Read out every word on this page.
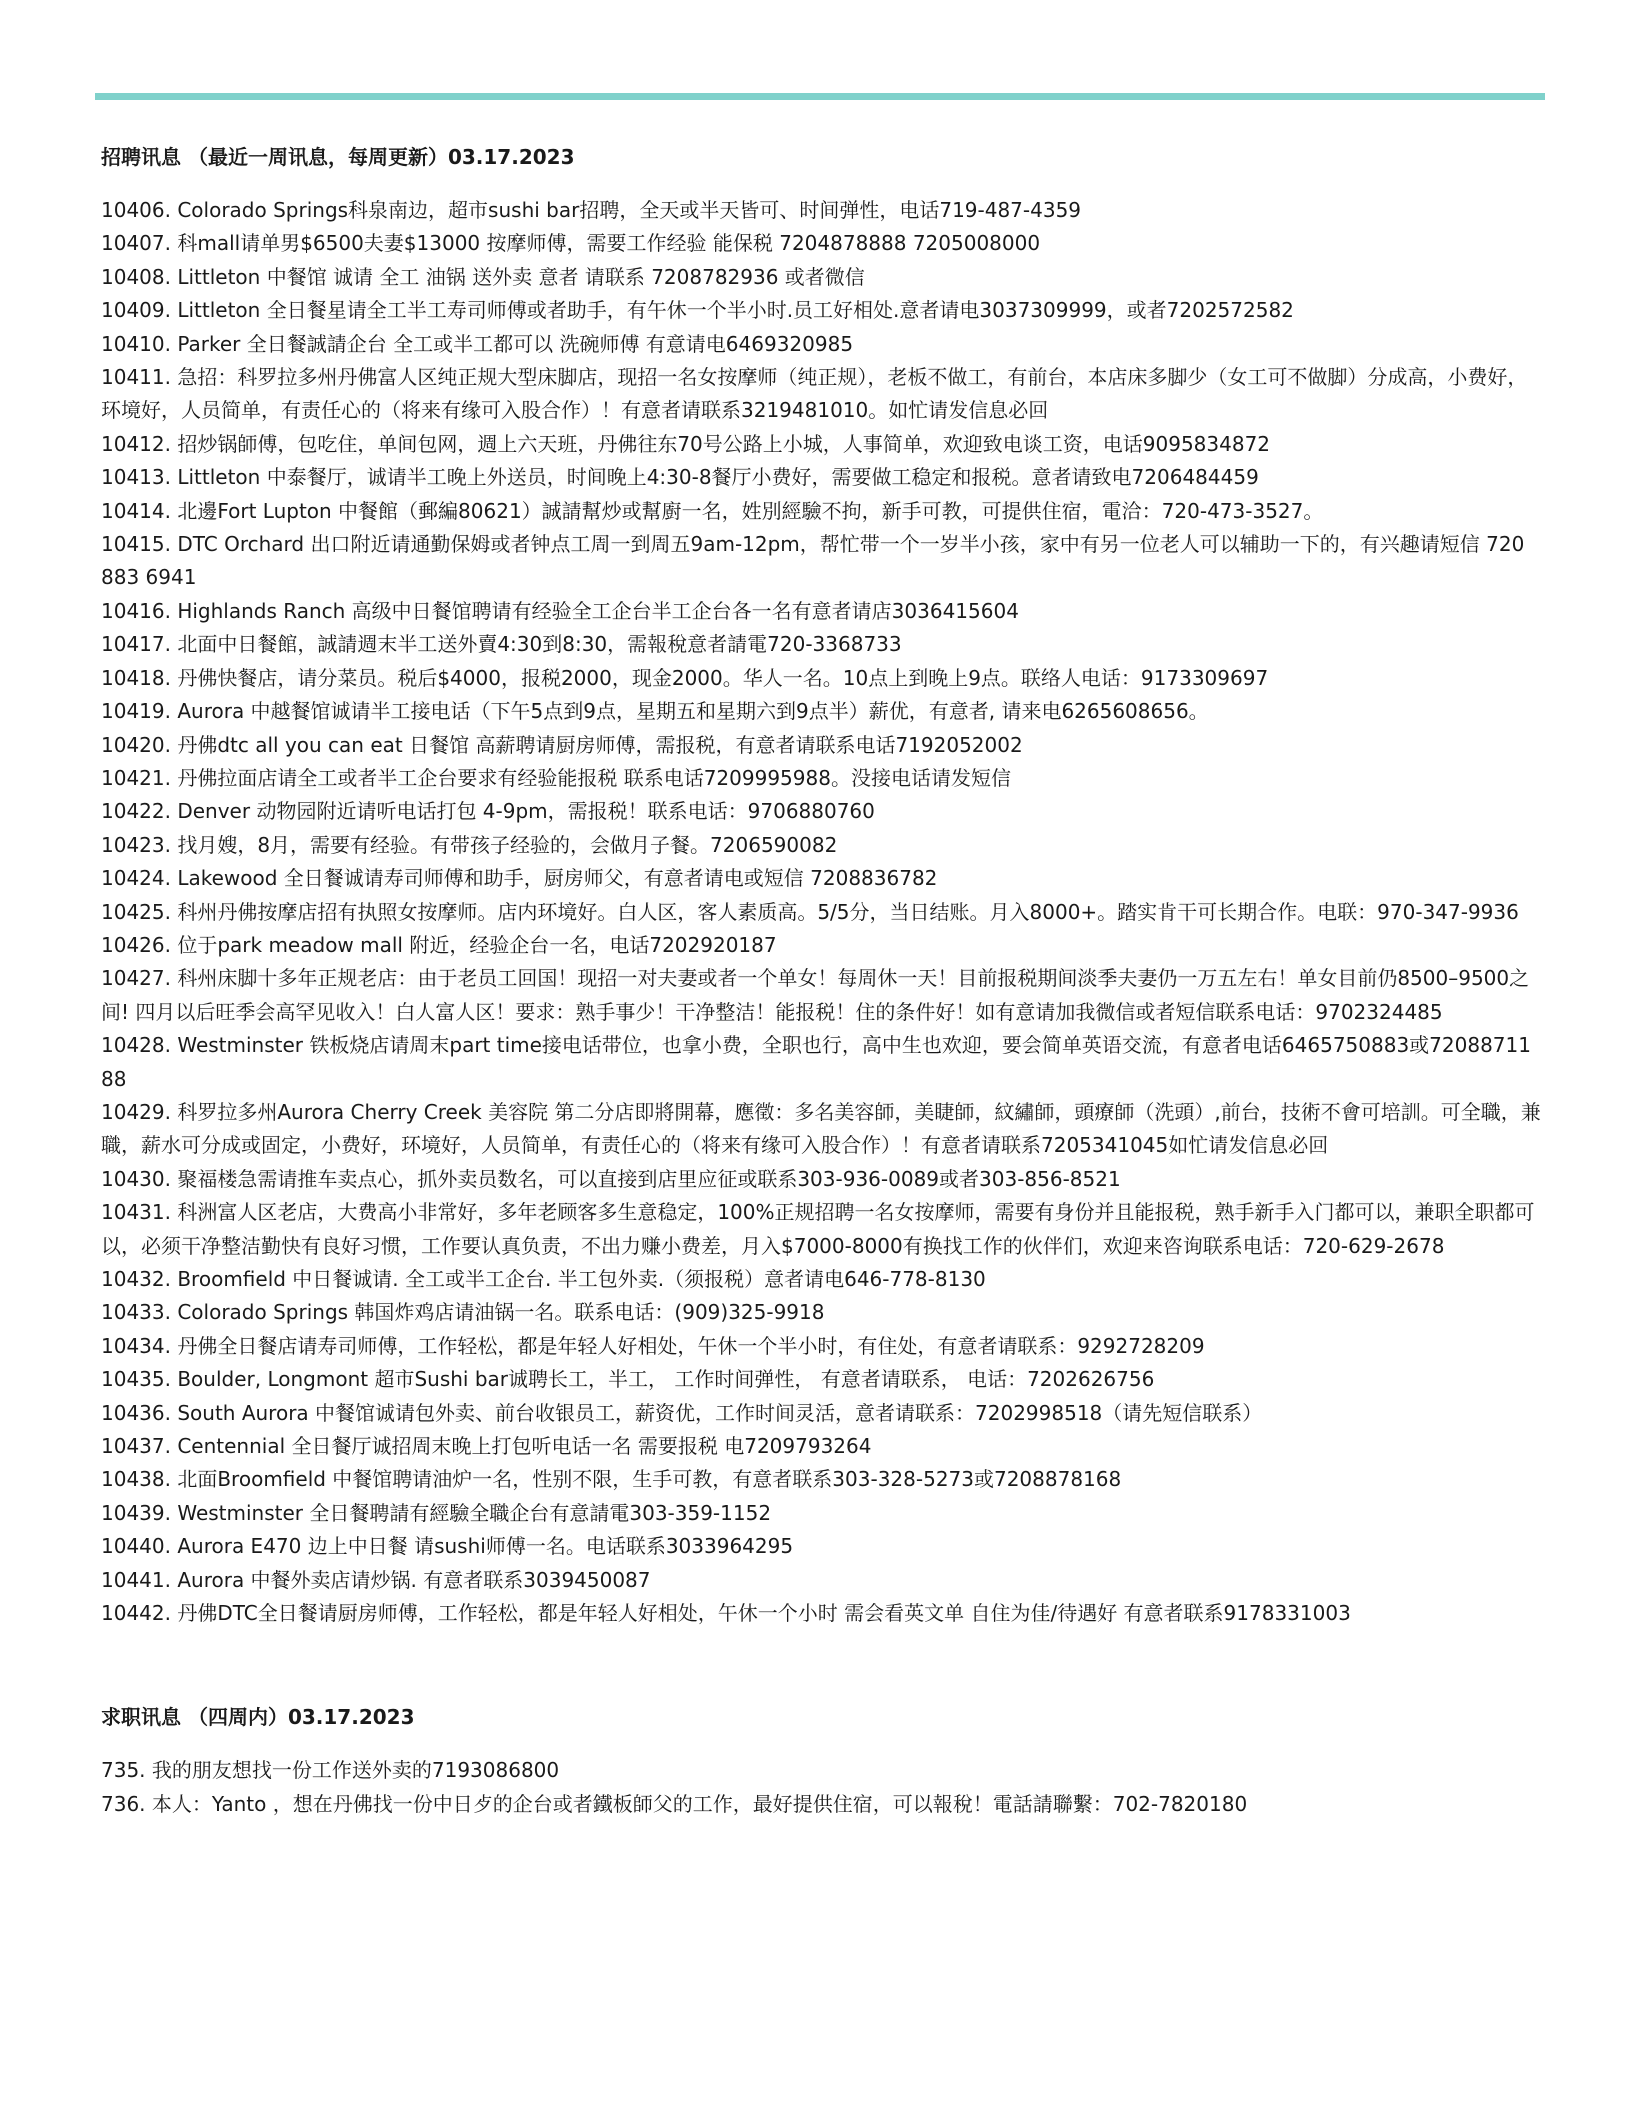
招聘讯息 （最近一周讯息，每周更新）03.17.2023

10406. Colorado Springs科泉南边，超市sushi bar招聘，全天或半天皆可、时间弹性，电话719-487-4359

10407. 科mall请单男$6500夫妻$13000 按摩师傅，需要工作经验 能保税 7204878888 7205008000

10408. Littleton 中餐馆 诚请 全工 油锅 送外卖 意者 请联系 7208782936 或者微信

10409. Littleton 全日餐星请全工半工寿司师傅或者助手，有午休一个半小时.员工好相处.意者请电3037309999，或者7202572582

10410. Parker 全日餐誠請企台 全工或半工都可以 洗碗师傅 有意请电6469320985

10411. 急招：科罗拉多州丹佛富人区纯正规大型床脚店，现招一名女按摩师（纯正规），老板不做工，有前台，本店床多脚少（女工可不做脚）分成高，小费好，环境好，人员简单，有责任心的（将来有缘可入股合作）！有意者请联系3219481010。如忙请发信息必回

10412. 招炒锅師傅，包吃住，单间包网，週上六天班，丹佛往东70号公路上小城，人事简单，欢迎致电谈工资，电话9095834872

10413. Littleton 中泰餐厅，诚请半工晚上外送员，时间晚上4:30-8餐厅小费好，需要做工稳定和报税。意者请致电7206484459

10414. 北邊Fort Lupton 中餐館（郵編80621）誠請幫炒或幫廚一名，姓別經驗不拘，新手可教，可提供住宿，電洽：720-473-3527。

10415. DTC Orchard 出口附近请通勤保姆或者钟点工周一到周五9am-12pm，帮忙带一个一岁半小孩，家中有另一位老人可以辅助一下的，有兴趣请短信 720 883 6941

10416. Highlands Ranch 高级中日餐馆聘请有经验全工企台半工企台各一名有意者请店3036415604

10417. 北面中日餐館，誠請週末半工送外賣4:30到8:30，需報稅意者請電720-3368733

10418. 丹佛快餐店，请分菜员。税后$4000，报税2000，现金2000。华人一名。10点上到晚上9点。联络人电话：9173309697

10419. Aurora 中越餐馆诚请半工接电话（下午5点到9点，星期五和星期六到9点半）薪优，有意者, 请来电6265608656。

10420. 丹佛dtc all you can eat 日餐馆 高薪聘请厨房师傅，需报税，有意者请联系电话7192052002

10421. 丹佛拉面店请全工或者半工企台要求有经验能报税 联系电话7209995988。没接电话请发短信

10422. Denver 动物园附近请听电话打包 4-9pm，需报税！联系电话：9706880760

10423. 找月嫂，8月，需要有经验。有带孩子经验的，会做月子餐。7206590082

10424. Lakewood 全日餐诚请寿司师傅和助手，厨房师父，有意者请电或短信 7208836782

10425. 科州丹佛按摩店招有执照女按摩师。店内环境好。白人区，客人素质高。5/5分，当日结账。月入8000+。踏实肯干可长期合作。电联：970-347-9936

10426. 位于park meadow mall 附近，经验企台一名，电话7202920187

10427. 科州床脚十多年正规老店：由于老员工回国！现招一对夫妻或者一个单女！每周休一天！目前报税期间淡季夫妻仍一万五左右！单女目前仍8500–9500之间! 四月以后旺季会高罕见收入！白人富人区！要求：熟手事少！干净整洁！能报税！住的条件好！如有意请加我微信或者短信联系电话：9702324485

10428. Westminster 铁板烧店请周末part time接电话带位，也拿小费，全职也行，高中生也欢迎，要会简单英语交流，有意者电话6465750883或7208871188

10429. 科罗拉多州Aurora Cherry Creek 美容院 第二分店即將開幕，應徵：多名美容師，美睫師，紋繡師，頭療師（洗頭）,前台，技術不會可培訓。可全職，兼職，薪水可分成或固定，小费好，环境好，人员简单，有责任心的（将来有缘可入股合作）！有意者请联系7205341045如忙请发信息必回

10430. 聚福楼急需请推车卖点心，抓外卖员数名，可以直接到店里应征或联系303-936-0089或者303-856-8521

10431. 科洲富人区老店，大费高小非常好，多年老顾客多生意稳定，100%正规招聘一名女按摩师，需要有身份并且能报税，熟手新手入门都可以，兼职全职都可以，必须干净整洁勤快有良好习惯，工作要认真负责，不出力赚小费差，月入$7000-8000有换找工作的伙伴们，欢迎来咨询联系电话：720-629-2678

10432. Broomfield 中日餐诚请. 全工或半工企台. 半工包外卖.（须报税）意者请电646-778-8130

10433. Colorado Springs 韩国炸鸡店请油锅一名。联系电话：(909)325-9918

10434. 丹佛全日餐店请寿司师傅，工作轻松，都是年轻人好相处，午休一个半小时，有住处，有意者请联系：9292728209

10435. Boulder, Longmont 超市Sushi bar诚聘长工，半工， 工作时间弹性， 有意者请联系， 电话：7202626756

10436. South Aurora 中餐馆诚请包外卖、前台收银员工，薪资优，工作时间灵活，意者请联系：7202998518（请先短信联系）

10437. Centennial 全日餐厅诚招周末晚上打包听电话一名 需要报税 电7209793264

10438. 北面Broomfield 中餐馆聘请油炉一名，性别不限，生手可教，有意者联系303-328-5273或7208878168

10439. Westminster 全日餐聘請有經驗全職企台有意請電303-359-1152

10440. Aurora E470 边上中日餐 请sushi师傅一名。电话联系3033964295

10441. Aurora 中餐外卖店请炒锅. 有意者联系3039450087

10442. 丹佛DTC全日餐请厨房师傅，工作轻松，都是年轻人好相处，午休一个小时 需会看英文单 自住为佳/待遇好 有意者联系9178331003

求职讯息 （四周内）03.17.2023

735. 我的朋友想找一份工作送外卖的7193086800

736. 本人：Yanto ，想在丹佛找一份中日歺的企台或者鐵板師父的工作，最好提供住宿，可以報稅！電話請聯繫：702-7820180
